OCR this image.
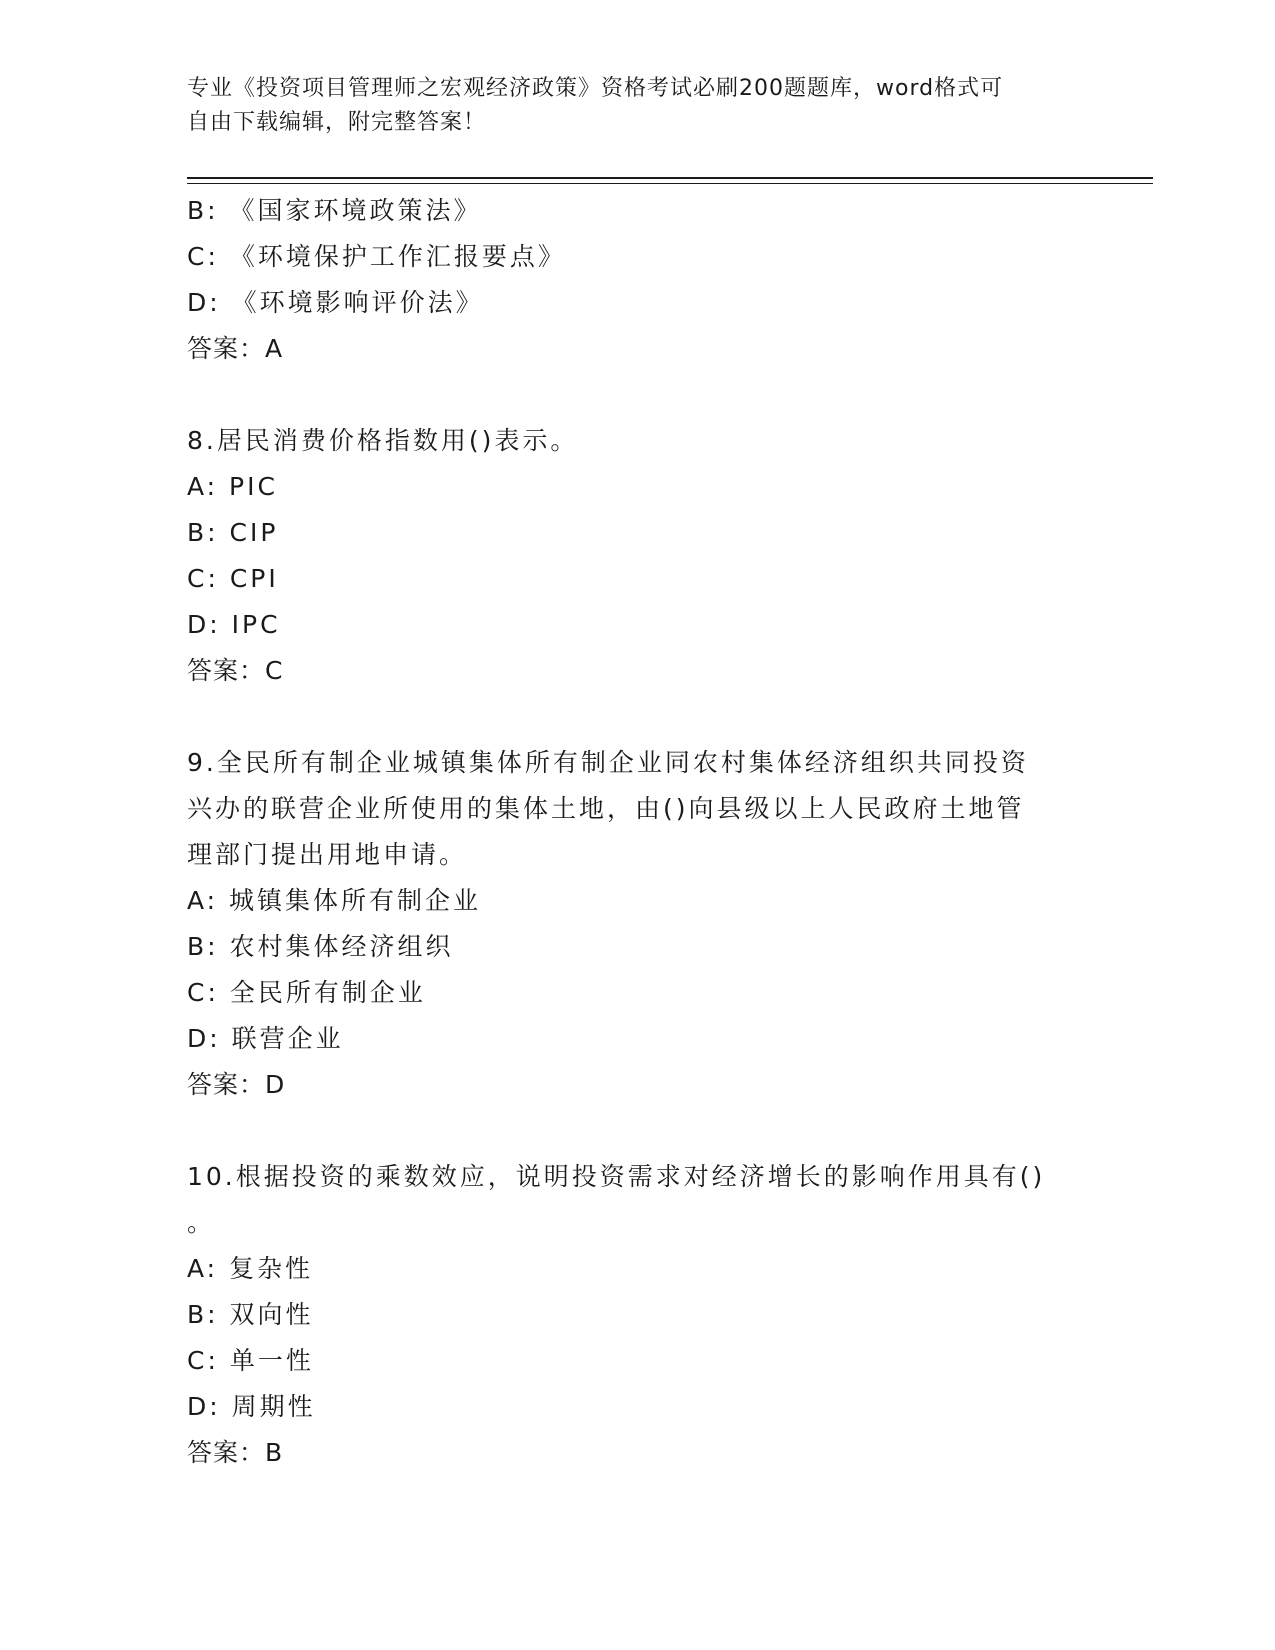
专业《投资项目管理师之宏观经济政策》资格考试必刷200题题库，word格式可
自由下载编辑，附完整答案！
B: 《国家环境政策法》
C: 《环境保护工作汇报要点》
D: 《环境影响评价法》
答案：A
8.居民消费价格指数用()表示。
A: PIC
B: CIP
C: CPI
D: IPC
答案：C
9.全民所有制企业城镇集体所有制企业同农村集体经济组织共同投资
兴办的联营企业所使用的集体土地，由()向县级以上人民政府土地管
理部门提出用地申请。
A: 城镇集体所有制企业
B: 农村集体经济组织
C: 全民所有制企业
D: 联营企业
答案：D
10.根据投资的乘数效应，说明投资需求对经济增长的影响作用具有()
。
A: 复杂性
B: 双向性
C: 单一性
D: 周期性
答案：B
